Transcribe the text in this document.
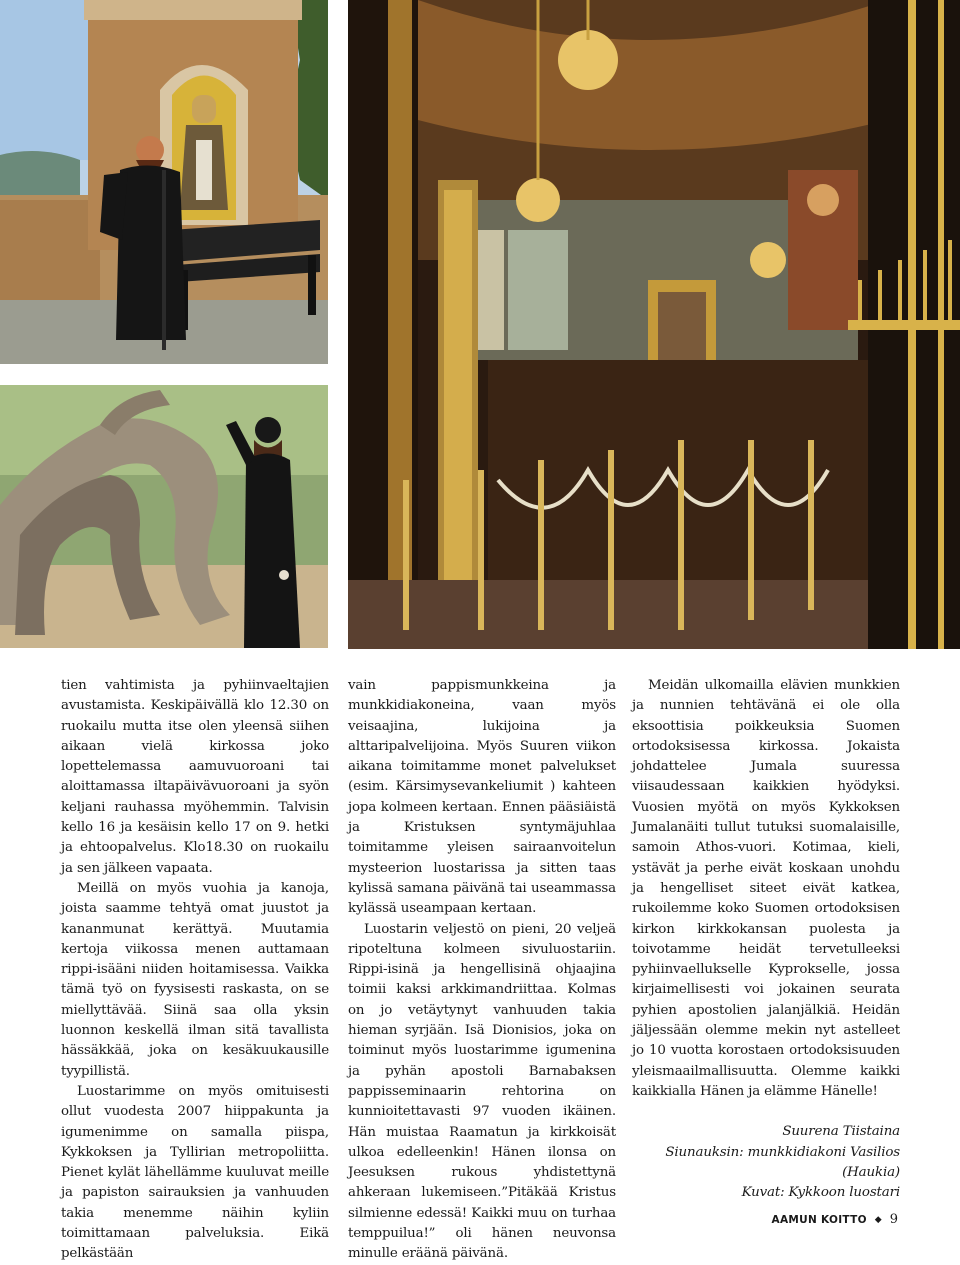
tien vahtimista ja pyhiinvaeltajien avustamista. Keskipäivällä klo 12.30 on ruokailu mutta itse olen yleensä siihen aikaan vielä kirkossa joko lopettelemassa aamuvuoroani tai aloittamassa iltapäivävuoroani ja syön keljani rauhassa myöhemmin. Talvisin kello 16 ja kesäisin kello 17 on 9. hetki ja ehtoopalvelus. Klo18.30 on ruokailu ja sen jälkeen vapaata.

Meillä on myös vuohia ja kanoja, joista saamme tehtyä omat juustot ja kananmunat kerättyä. Muutamia kertoja viikossa menen auttamaan rippi-isääni niiden hoitamisessa. Vaikka tämä työ on fyysisesti raskasta, on se miellyttävää. Siinä saa olla yksin luonnon keskellä ilman sitä tavallista hässäkkää, joka on kesäkuukausille tyypillistä.

Luostarimme on myös omituisesti ollut vuodesta 2007 hiippakunta ja igumenimme on samalla piispa, Kykkoksen ja Tyllirian metropoliitta. Pienet kylät lähellämme kuuluvat meille ja papiston sairauksien ja vanhuuden takia menemme näihin kyliin toimittamaan palveluksia. Eikä pelkästään

vain pappismunkkeina ja munkkidiakoneina, vaan myös veisaajina, lukijoina ja alttaripalvelijoina. Myös Suuren viikon aikana toimitamme monet palvelukset (esim. Kärsimysevankeliumit ) kahteen jopa kolmeen kertaan. Ennen pääsiäistä ja Kristuksen syntymäjuhlaa toimitamme yleisen sairaanvoitelun mysteerion luostarissa ja sitten taas kylissä samana päivänä tai useammassa kylässä useampaan kertaan.

Luostarin veljestö on pieni, 20 veljeä ripoteltuna kolmeen sivuluostariin. Rippi-isinä ja hengellisinä ohjaajina toimii kaksi arkkimandriittaa. Kolmas on jo vetäytynyt vanhuuden takia hieman syrjään. Isä Dionisios, joka on toiminut myös luostarimme igumenina ja pyhän apostoli Barnabaksen pappisseminaarin rehtorina on kunnioitettavasti 97 vuoden ikäinen. Hän muistaa Raamatun ja kirkkoisät ulkoa edelleenkin! Hänen ilonsa on Jeesuksen rukous yhdistettynä ahkeraan lukemiseen.”Pitäkää Kristus silmienne edessä! Kaikki muu on turhaa temppuilua!” oli hänen neuvonsa minulle eräänä päivänä.

Meidän ulkomailla elävien munkkien ja nunnien tehtävänä ei ole olla eksoottisia poikkeuksia Suomen ortodoksisessa kirkossa. Jokaista johdattelee Jumala suuressa viisaudessaan kaikkien hyödyksi. Vuosien myötä on myös Kykkoksen Jumalanäiti tullut tutuksi suomalaisille, samoin Athos-vuori. Kotimaa, kieli, ystävät ja perhe eivät koskaan unohdu ja hengelliset siteet eivät katkea, rukoilemme koko Suomen ortodoksisen kirkon kirkkokansan puolesta ja toivotamme heidät tervetulleeksi pyhiinvaellukselle Kyprokselle, jossa kirjaimellisesti voi jokainen seurata pyhien apostolien jalanjälkiä. Heidän jäljessään olemme mekin nyt astelleet jo 10 vuotta korostaen ortodoksisuuden yleismaailmallisuutta. Olemme kaikki kaikkialla Hänen ja elämme Hänelle!

Suurena Tiistaina
Siunauksin: munkkidiakoni Vasilios
(Haukia)
Kuvat: Kykkoon luostari
AAMUN KOITTO ◆ 9
